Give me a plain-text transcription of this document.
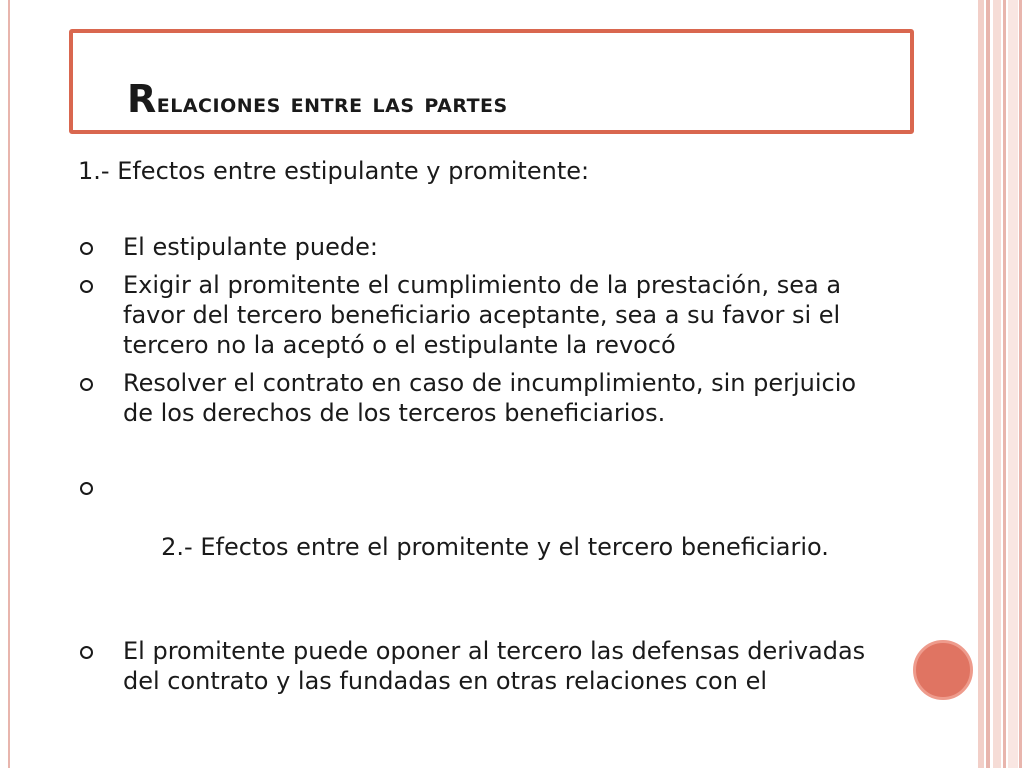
Relaciones entre las partes

1.- Efectos entre estipulante y promitente:

El estipulante puede:
Exigir al promitente el cumplimiento de la prestación, sea a favor del tercero beneficiario aceptante, sea a su favor si el tercero no la aceptó o el estipulante la revocó
Resolver el contrato en caso de incumplimiento, sin perjuicio de los derechos de los terceros beneficiarios.

2.- Efectos entre el promitente y el tercero beneficiario.

El promitente puede oponer al tercero las defensas derivadas del contrato y las fundadas en otras relaciones con el
